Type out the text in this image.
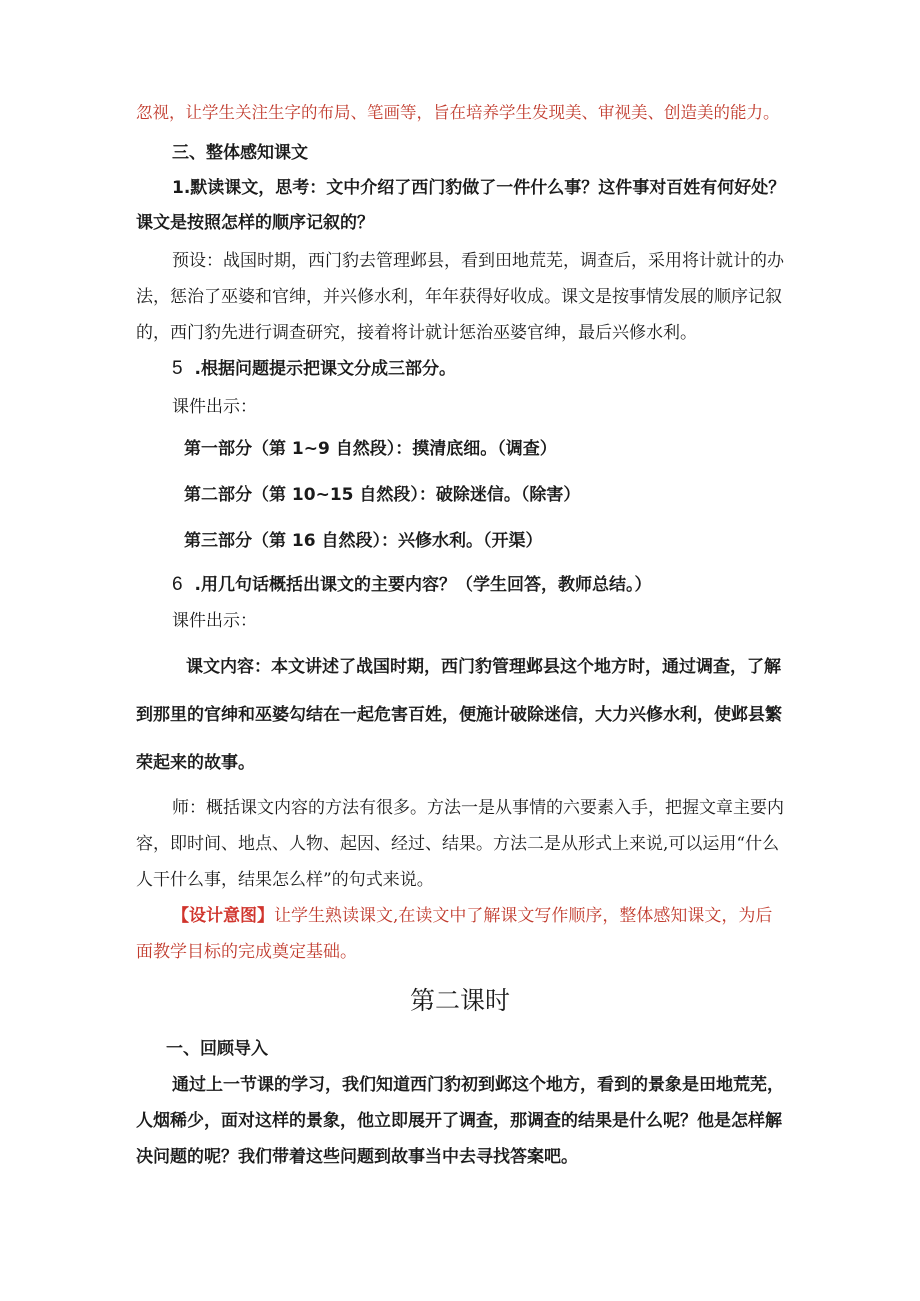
忽视，让学生关注生字的布局、笔画等，旨在培养学生发现美、审视美、创造美的能力。
三、整体感知课文
1.默读课文，思考：文中介绍了西门豹做了一件什么事？这件事对百姓有何好处？
课文是按照怎样的顺序记叙的？
预设：战国时期，西门豹去管理邺县，看到田地荒芜，调查后，采用将计就计的办
法，惩治了巫婆和官绅，并兴修水利，年年获得好收成。课文是按事情发展的顺序记叙
的，西门豹先进行调查研究，接着将计就计惩治巫婆官绅，最后兴修水利。
5 .根据问题提示把课文分成三部分。
课件出示：
第一部分（第 1~9 自然段）：摸清底细。（调查）
第二部分（第 10~15 自然段）：破除迷信。（除害）
第三部分（第 16 自然段）：兴修水利。（开渠）
6 .用几句话概括出课文的主要内容？（学生回答，教师总结。）
课件出示：
课文内容：本文讲述了战国时期，西门豹管理邺县这个地方时，通过调查，了解
到那里的官绅和巫婆勾结在一起危害百姓，便施计破除迷信，大力兴修水利，使邺县繁
荣起来的故事。
师：概括课文内容的方法有很多。方法一是从事情的六要素入手，把握文章主要内
容，即时间、地点、人物、起因、经过、结果。方法二是从形式上来说,可以运用“什么
人干什么事，结果怎么样”的句式来说。
【设计意图】让学生熟读课文,在读文中了解课文写作顺序，整体感知课文，为后
面教学目标的完成奠定基础。
第二课时
一、回顾导入
通过上一节课的学习，我们知道西门豹初到邺这个地方，看到的景象是田地荒芜，
人烟稀少，面对这样的景象，他立即展开了调查，那调查的结果是什么呢？他是怎样解
决问题的呢？我们带着这些问题到故事当中去寻找答案吧。
